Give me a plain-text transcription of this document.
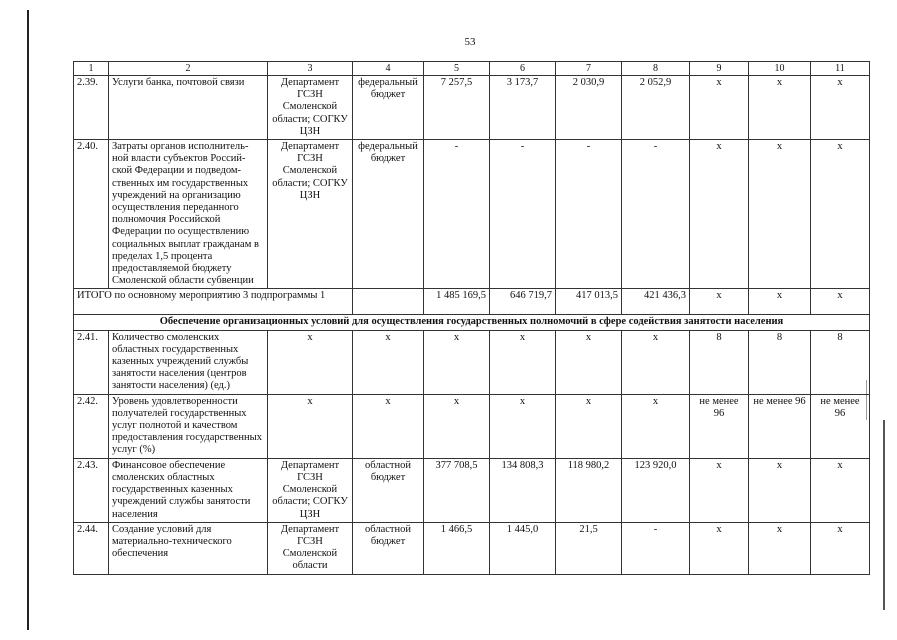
53
1	2	3	4	5	6	7	8	9	10	11
2.39.	Услуги банка, почтовой связи	Департамент ГСЗН Смоленской области; СОГКУ ЦЗН	федеральный бюджет	7 257,5	3 173,7	2 030,9	2 052,9	х	х	х
2.40.	Затраты органов исполнитель-ной власти субъектов Россий-ской Федерации и подведом-ственных им государственных учреждений на организацию осуществления переданного полномочия Российской Федерации по осуществлению социальных выплат гражданам в пределах 1,5 процента предоставляемой бюджету Смоленской области субвенции	Департамент ГСЗН Смоленской области; СОГКУ ЦЗН	федеральный бюджет	-	-	-	-	х	х	х
ИТОГО по основному мероприятию 3 подпрограммы 1				1 485 169,5	646 719,7	417 013,5	421 436,3	х	х	х
Обеспечение организационных условий для осуществления государственных полномочий в сфере содействия занятости населения										
2.41.	Количество смоленских областных государственных казенных учреждений службы занятости населения (центров занятости населения) (ед.)	х	х	х	х	х	х	8	8	8
2.42.	Уровень удовлетворенности получателей государственных услуг полнотой и качеством предоставления государственных услуг (%)	х	х	х	х	х	х	не менее 96	не менее 96	не менее 96
2.43.	Финансовое обеспечение смоленских областных государственных казенных учреждений службы занятости населения	Департамент ГСЗН Смоленской области; СОГКУ ЦЗН	областной бюджет	377 708,5	134 808,3	118 980,2	123 920,0	х	х	х
2.44.	Создание условий для материально-технического обеспечения	Департамент ГСЗН Смоленской области	областной бюджет	1 466,5	1 445,0	21,5	-	х	х	х
